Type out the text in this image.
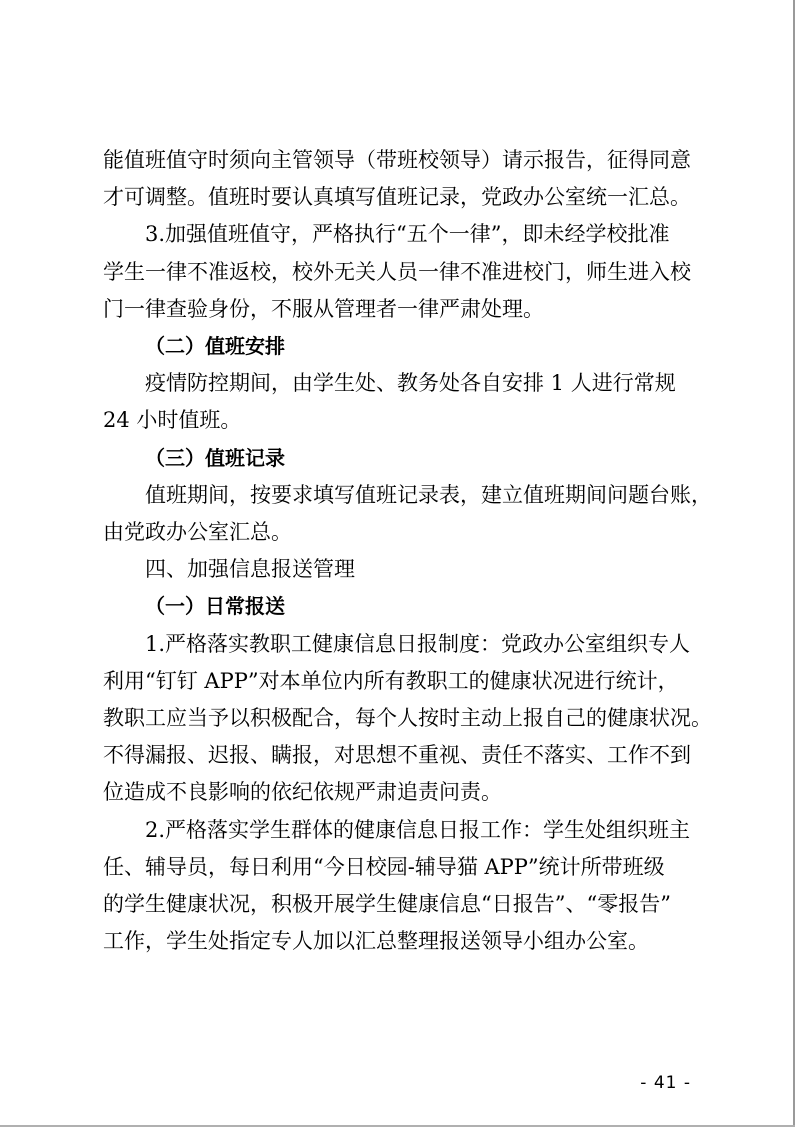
能值班值守时须向主管领导（带班校领导）请示报告，征得同意
才可调整。值班时要认真填写值班记录，党政办公室统一汇总。

3.加强值班值守，严格执行“五个一律”，即未经学校批准
学生一律不准返校，校外无关人员一律不准进校门，师生进入校
门一律查验身份，不服从管理者一律严肃处理。

（二）值班安排

疫情防控期间，由学生处、教务处各自安排 1 人进行常规
24 小时值班。

（三）值班记录

值班期间，按要求填写值班记录表，建立值班期间问题台账，
由党政办公室汇总。

四、加强信息报送管理

（一）日常报送

1.严格落实教职工健康信息日报制度：党政办公室组织专人
利用“钉钉 APP”对本单位内所有教职工的健康状况进行统计，
教职工应当予以积极配合，每个人按时主动上报自己的健康状况。
不得漏报、迟报、瞒报，对思想不重视、责任不落实、工作不到
位造成不良影响的依纪依规严肃追责问责。

2.严格落实学生群体的健康信息日报工作：学生处组织班主
任、辅导员，每日利用“今日校园-辅导猫 APP”统计所带班级
的学生健康状况，积极开展学生健康信息“日报告”、“零报告”
工作，学生处指定专人加以汇总整理报送领导小组办公室。

- 41 -
